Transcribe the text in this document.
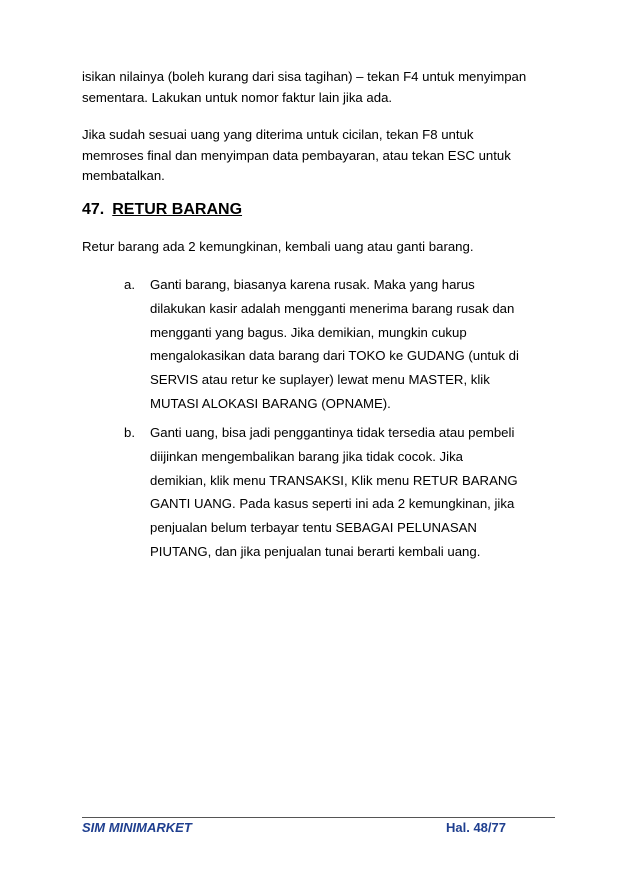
isikan nilainya (boleh kurang dari sisa tagihan) – tekan F4 untuk menyimpan
sementara. Lakukan untuk nomor faktur lain jika ada.

Jika sudah sesuai uang yang diterima untuk cicilan, tekan F8 untuk
memroses final dan menyimpan data pembayaran, atau tekan ESC untuk
membatalkan.

47. RETUR BARANG

Retur barang ada 2 kemungkinan, kembali uang atau ganti barang.

a. Ganti barang, biasanya karena rusak. Maka yang harus
dilakukan kasir adalah mengganti menerima barang rusak dan
mengganti yang bagus. Jika demikian, mungkin cukup
mengalokasikan data barang dari TOKO ke GUDANG (untuk di
SERVIS atau retur ke suplayer) lewat menu MASTER, klik
MUTASI ALOKASI BARANG (OPNAME).
b. Ganti uang, bisa jadi penggantinya tidak tersedia atau pembeli
diijinkan mengembalikan barang jika tidak cocok. Jika
demikian, klik menu TRANSAKSI, Klik menu RETUR BARANG
GANTI UANG. Pada kasus seperti ini ada 2 kemungkinan, jika
penjualan belum terbayar tentu SEBAGAI PELUNASAN
PIUTANG, dan jika penjualan tunai berarti kembali uang.
SIM MINIMARKET	Hal. 48/77
